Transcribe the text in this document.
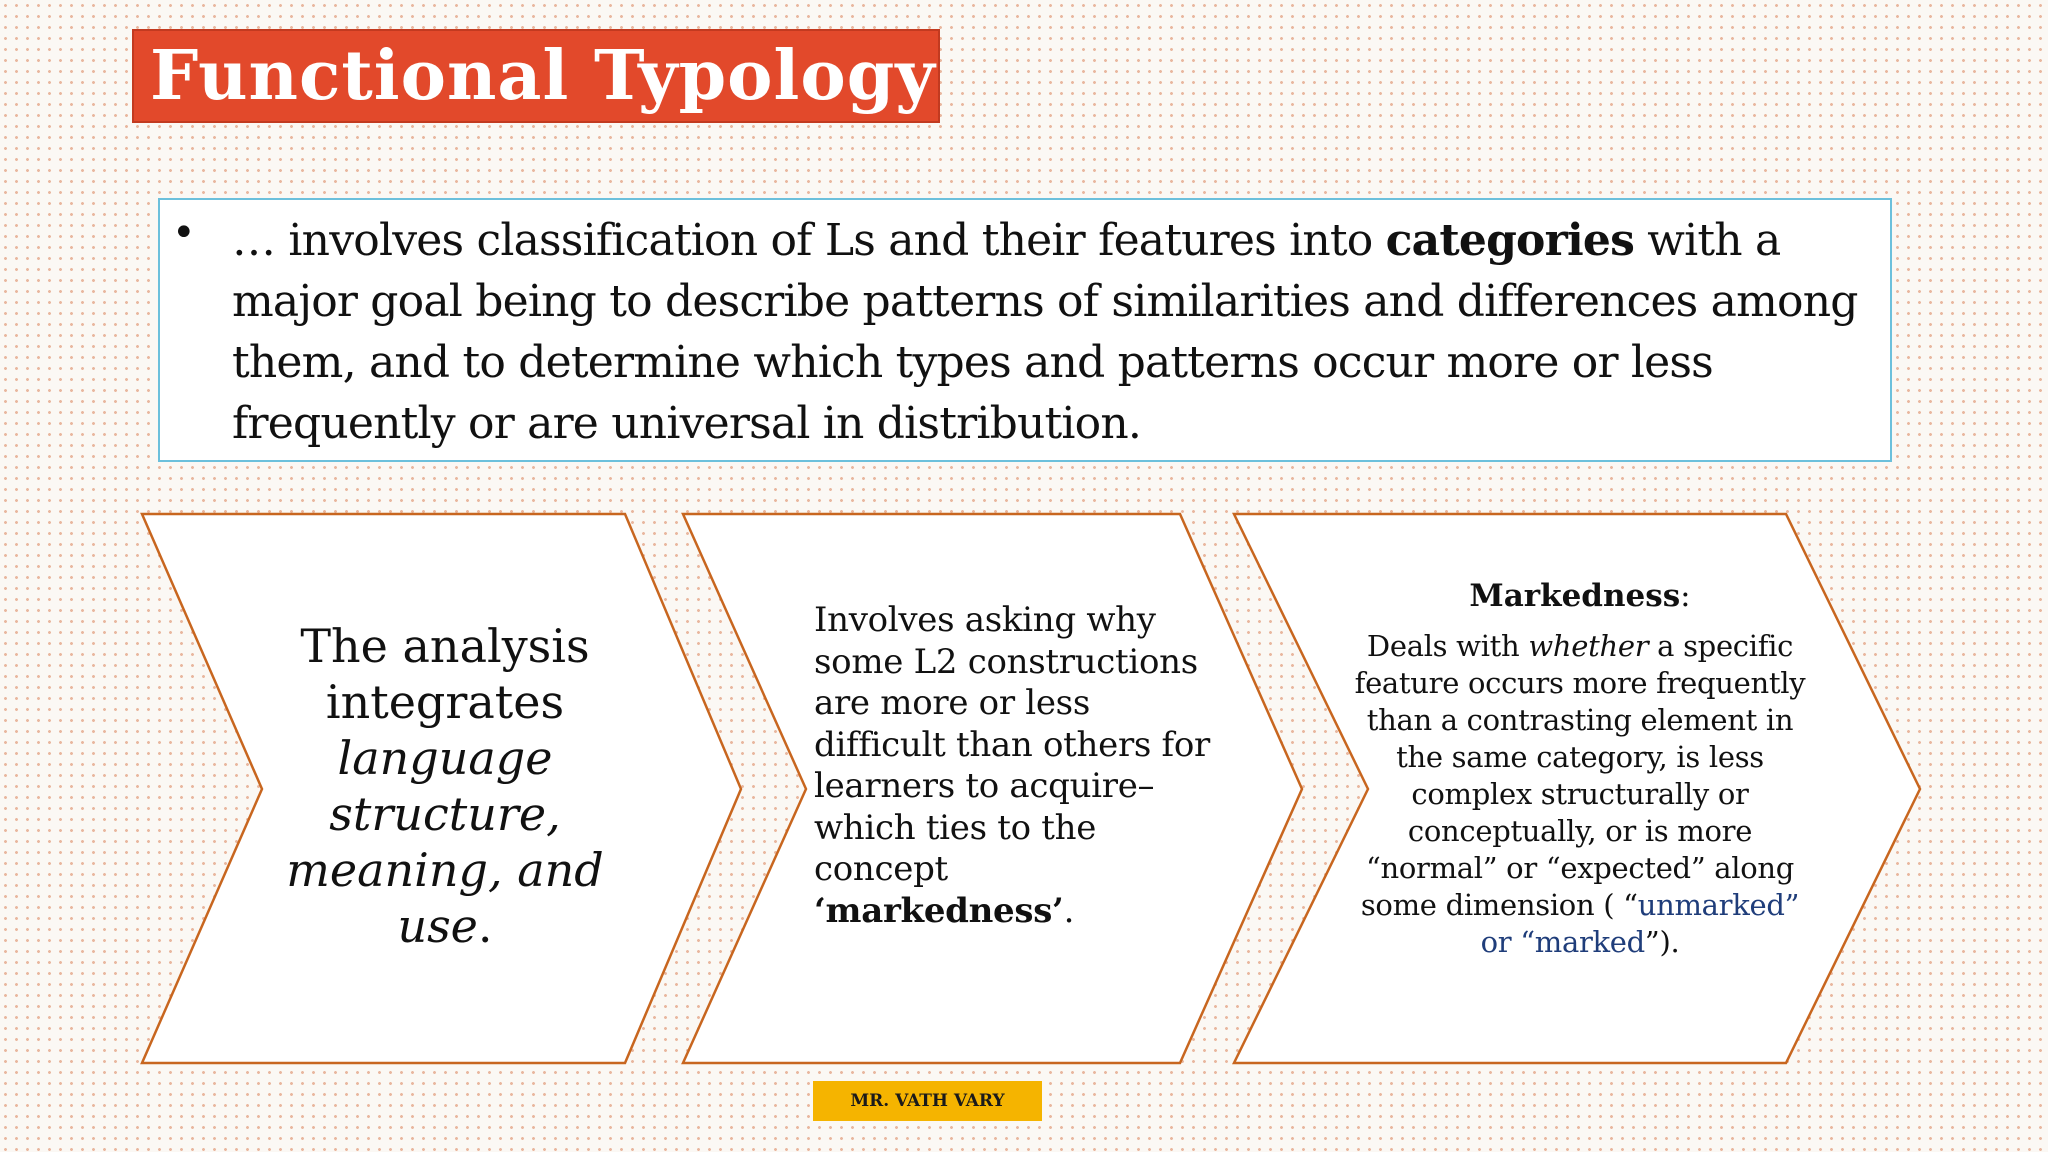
Functional Typology
• … involves classification of Ls and their features into categories with a major goal being to describe patterns of similarities and differences among them, and to determine which types and patterns occur more or less frequently or are universal in distribution.
The analysis integrates language structure, meaning, and use.
Involves asking why some L2 constructions are more or less difficult than others for learners to acquire–which ties to the concept ‘markedness’.
Markedness:
Deals with whether a specific feature occurs more frequently than a contrasting element in the same category, is less complex structurally or conceptually, or is more “normal” or “expected” along some dimension ( “unmarked” or “marked”).
MR. VATH VARY
